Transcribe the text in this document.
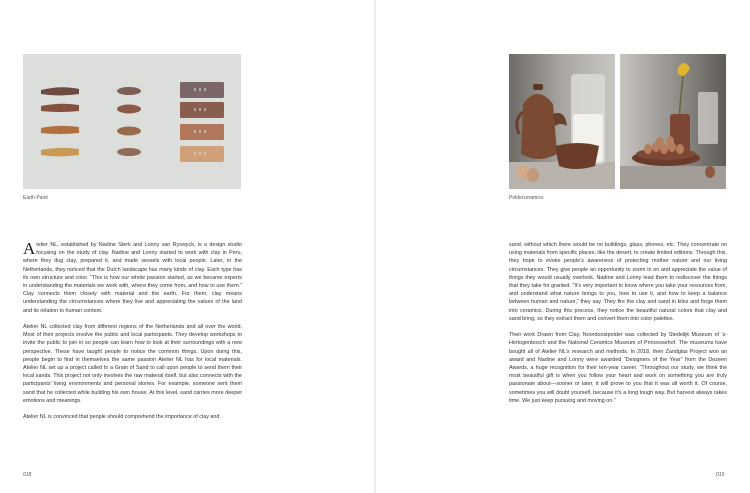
Earth Paint

Atelier NL, established by Nadine Sterk and Lonny van Ryswyck, is a design studio focusing on the study of clay. Nadine and Lonny started to work with clay in Peru, where they dug clay, prepared it, and made vessels with local people. Later, in the Netherlands, they noticed that the Dutch landscape has many kinds of clay. Each type has its own structure and color. “This is how our whole passion started, as we became experts in understanding the materials we work with, where they come from, and how to use them.” Clay connects them closely with material and the earth. For them, clay means understanding the circumstances where they live and appreciating the values of the land and its relation to human context.

Atelier NL collected clay from different regions of the Netherlands and all over the world. Most of their projects involve the public and local participants. They develop workshops to invite the public to join in so people can learn how to look at their surroundings with a new perspective. These have taught people to notice the common things. Upon doing this, people begin to find in themselves the same passion Atelier NL has for local materials. Atelier NL set up a project called In a Grain of Sand to call upon people to send them their local sands. This project not only involves the raw material itself, but also connects with the participants’ living environments and personal stories. For example, someone sent them sand that he collected while building his own house. At this level, sand carries more deeper emotions and meanings.

Atelier NL is convinced that people should comprehend the importance of clay and

018
Polderceramics

sand, without which there would be no buildings, glass, phones, etc. They concentrate on using materials from specific places, like the desert, to create limited editions. Through this, they hope to evoke people’s awareness of protecting mother nature and our living circumstances. They give people an opportunity to zoom in on and appreciate the value of things they would usually overlook. Nadine and Lonny lead them to rediscover the things that they take for granted. “It’s very important to know where you take your resources from, and understand what nature brings to you, how to use it, and how to keep a balance between human and nature,” they say. They fire the clay and sand in kilns and forge them into ceramics. During this process, they notice the beautiful natural colors that clay and sand bring, so they extract them and convert them into color palettes.

Their work Drawn from Clay, Noordoostpolder was collected by Stedelijk Museum of ’s-Hertogenbosch and the National Ceramics Museum of Princessehof. The museums have bought all of Atelier NL’s research and methods. In 2018, their Zandglas Project won an award and Nadine and Lonny were awarded “Designers of the Year” from the Dezeen Awards, a huge recognition for their ten-year career. “Throughout our study, we think the most beautiful gift is when you follow your heart and work on something you are truly passionate about—sooner or later, it will prove to you that it was all worth it. Of course, sometimes you will doubt yourself, because it’s a long tough way. But harvest always takes time. We just keep pursuing and moving on.”

019
